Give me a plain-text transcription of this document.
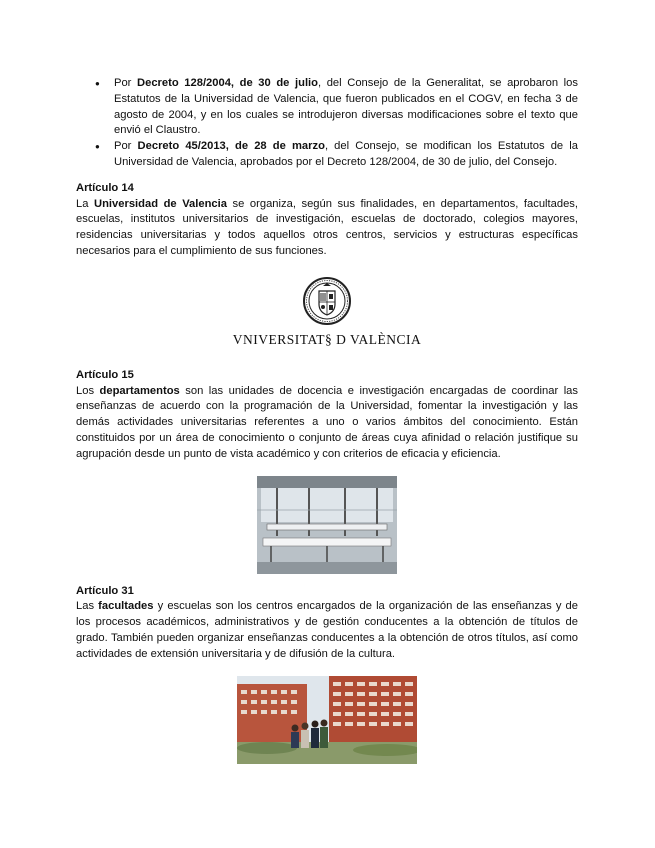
● Por Decreto 128/2004, de 30 de julio, del Consejo de la Generalitat, se aprobaron los Estatutos de la Universidad de Valencia, que fueron publicados en el COGV, en fecha 3 de agosto de 2004, y en los cuales se introdujeron diversas modificaciones sobre el texto que envió el Claustro.
● Por Decreto 45/2013, de 28 de marzo, del Consejo, se modifican los Estatutos de la Universidad de Valencia, aprobados por el Decreto 128/2004, de 30 de julio, del Consejo.
Artículo 14

La Universidad de Valencia se organiza, según sus finalidades, en departamentos, facultades, escuelas, institutos universitarios de investigación, escuelas de doctorado, colegios mayores, residencias universitarias y todos aquellos otros centros, servicios y estructuras específicas necesarios para el cumplimiento de sus funciones.

VNIVERSITAT§ D VALÈNCIA
Artículo 15

Los departamentos son las unidades de docencia e investigación encargadas de coordinar las enseñanzas de acuerdo con la programación de la Universidad, fomentar la investigación y las demás actividades universitarias referentes a uno o varios ámbitos del conocimiento. Están constituidos por un área de conocimiento o conjunto de áreas cuya afinidad o relación justifique su agrupación desde un punto de vista académico y con criterios de eficacia y eficiencia.

Artículo 31

Las facultades y escuelas son los centros encargados de la organización de las enseñanzas y de los procesos académicos, administrativos y de gestión conducentes a la obtención de títulos de grado. También pueden organizar enseñanzas conducentes a la obtención de otros títulos, así como actividades de extensión universitaria y de difusión de la cultura.
